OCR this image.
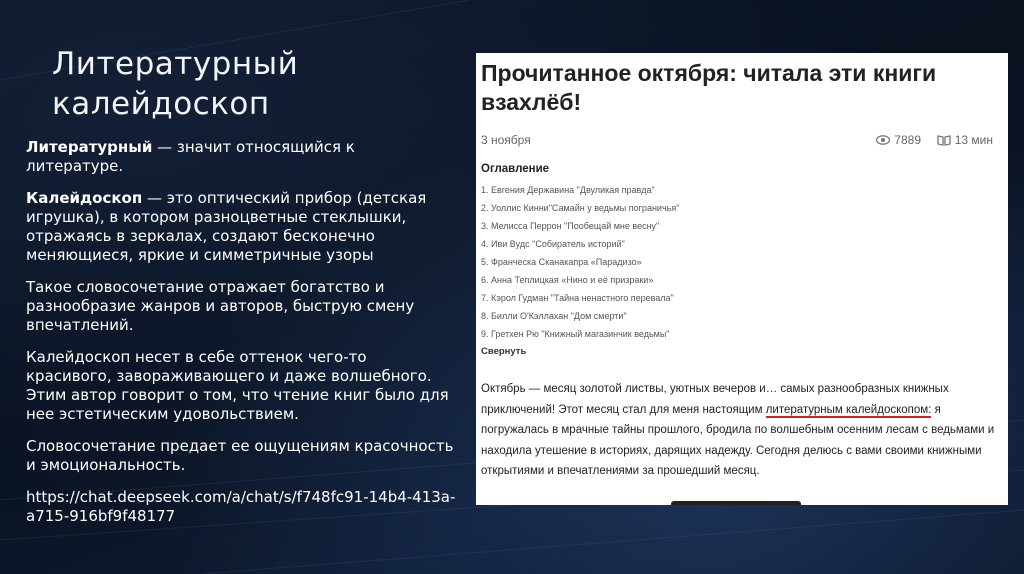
Литературный
калейдоскоп

Литературный — значит относящийся к литературе.

Калейдоскоп — это оптический прибор (детская игрушка), в котором разноцветные стеклышки, отражаясь в зеркалах, создают бесконечно меняющиеся, яркие и симметричные узоры

Такое словосочетание отражает богатство и разнообразие жанров и авторов, быструю смену впечатлений.

Калейдоскоп несет в себе оттенок чего-то красивого, завораживающего и даже волшебного. Этим автор говорит о том, что чтение книг было для нее эстетическим удовольствием.

Словосочетание предает ее ощущениям красочность и эмоциональность.

https://chat.deepseek.com/a/chat/s/f748fc91-14b4-413a-a715-916bf9f48177

Прочитанное октября: читала эти книги взахлёб!
3 ноября	7889	13 мин
Оглавление
1. Евгения Державина "Двуликая правда"
2. Уоллис Кинни"Самайн у ведьмы пограничья"
3. Мелисса Перрон "Пообещай мне весну"
4. Иви Вудс "Собиратель историй"
5. Франческа Сканакапра «Парадизо»
6. Анна Теплицкая «Нино и её призраки»
7. Кэрол Гудман "Тайна ненастного перевала"
8. Билли О'Кэллахан "Дом смерти"
9. Гретхен Рю "Книжный магазинчик ведьмы"
Свернуть
Октябрь — месяц золотой листвы, уютных вечеров и… самых разнообразных книжных приключений! Этот месяц стал для меня настоящим литературным калейдоскопом: я погружалась в мрачные тайны прошлого, бродила по волшебным осенним лесам с ведьмами и находила утешение в историях, дарящих надежду. Сегодня делюсь с вами своими книжными открытиями и впечатлениями за прошедший месяц.
